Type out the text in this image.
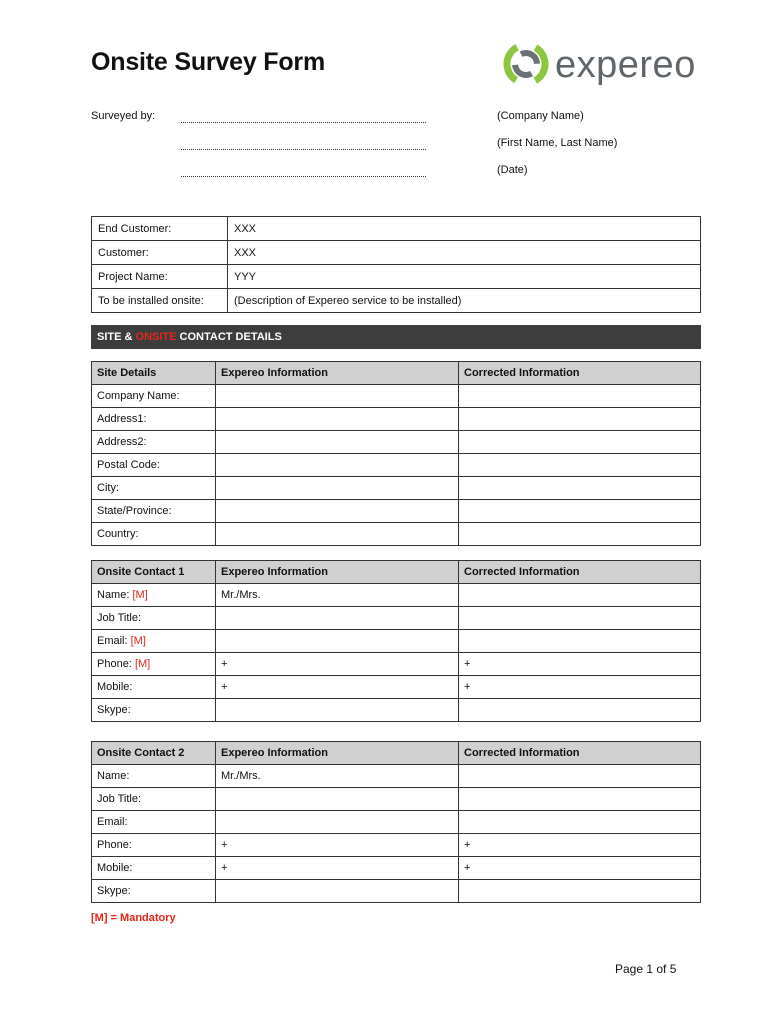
Onsite Survey Form	expereo
Surveyed by:	(Company Name)
(First Name, Last Name)
(Date)
End Customer:	XXX
Customer:	XXX
Project Name:	YYY
To be installed onsite:	(Description of Expereo service to be installed)
SITE & ONSITE CONTACT DETAILS
Site Details	Expereo Information	Corrected Information
Company Name:		
Address1:		
Address2:		
Postal Code:		
City:		
State/Province:		
Country:		
Onsite Contact 1	Expereo Information	Corrected Information
Name: [M]	Mr./Mrs.	
Job Title:		
Email: [M]		
Phone: [M]	+	+
Mobile:	+	+
Skype:		
Onsite Contact 2	Expereo Information	Corrected Information
Name:	Mr./Mrs.	
Job Title:		
Email:		
Phone:	+	+
Mobile:	+	+
Skype:		
[M] = Mandatory
Page 1 of 5
